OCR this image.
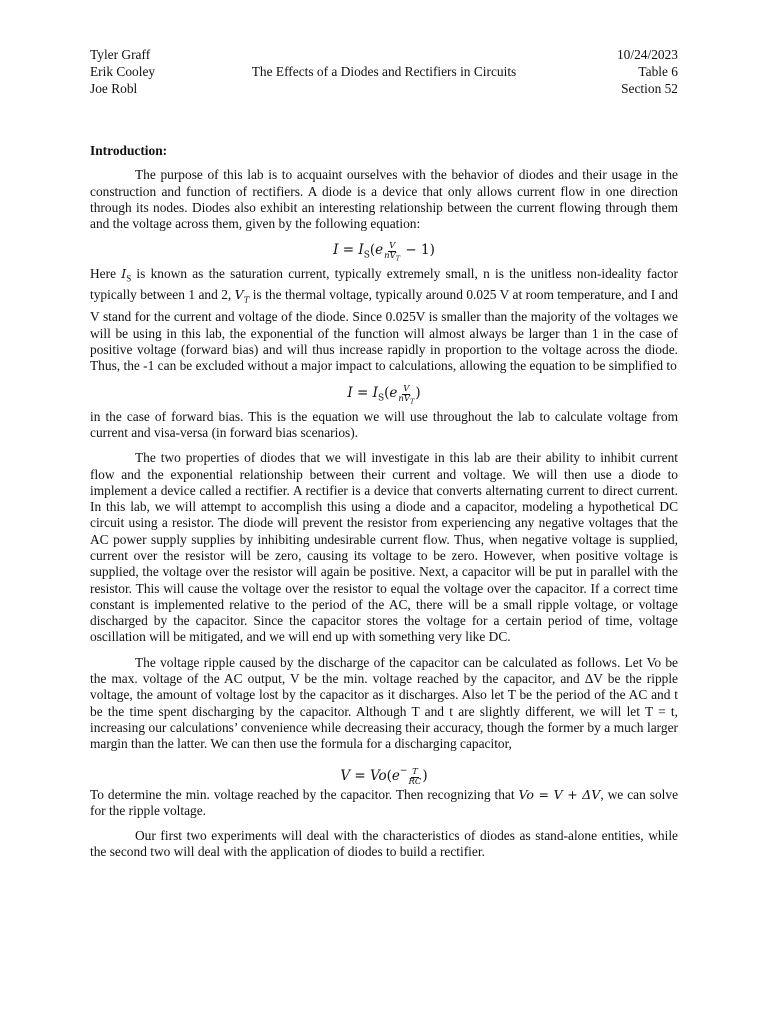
Tyler Graff	10/24/2023
Erik Cooley	The Effects of a Diodes and Rectifiers in Circuits	Table 6
Joe Robl	Section 52
Introduction:

The purpose of this lab is to acquaint ourselves with the behavior of diodes and their usage in the construction and function of rectifiers. A diode is a device that only allows current flow in one direction through its nodes. Diodes also exhibit an interesting relationship between the current flowing through them and the voltage across them, given by the following equation:

$I = I_S(e \frac{V}{nV_T} - 1)$

Here $I_S$ is known as the saturation current, typically extremely small, n is the unitless non-ideality factor typically between 1 and 2, $V_T$ is the thermal voltage, typically around 0.025 V at room temperature, and I and V stand for the current and voltage of the diode. Since 0.025V is smaller than the majority of the voltages we will be using in this lab, the exponential of the function will almost always be larger than 1 in the case of positive voltage (forward bias) and will thus increase rapidly in proportion to the voltage across the diode. Thus, the -1 can be excluded without a major impact to calculations, allowing the equation to be simplified to

$I = I_S(e \frac{V}{nV_T}$ )

in the case of forward bias. This is the equation we will use throughout the lab to calculate voltage from current and visa-versa (in forward bias scenarios).

The two properties of diodes that we will investigate in this lab are their ability to inhibit current flow and the exponential relationship between their current and voltage. We will then use a diode to implement a device called a rectifier. A rectifier is a device that converts alternating current to direct current. In this lab, we will attempt to accomplish this using a diode and a capacitor, modeling a hypothetical DC circuit using a resistor. The diode will prevent the resistor from experiencing any negative voltages that the AC power supply supplies by inhibiting undesirable current flow. Thus, when negative voltage is supplied, current over the resistor will be zero, causing its voltage to be zero. However, when positive voltage is supplied, the voltage over the resistor will again be positive. Next, a capacitor will be put in parallel with the resistor. This will cause the voltage over the resistor to equal the voltage over the capacitor. If a correct time constant is implemented relative to the period of the AC, there will be a small ripple voltage, or voltage discharged by the capacitor. Since the capacitor stores the voltage for a certain period of time, voltage oscillation will be mitigated, and we will end up with something very like DC.

The voltage ripple caused by the discharge of the capacitor can be calculated as follows. Let Vo be the max. voltage of the AC output, V be the min. voltage reached by the capacitor, and ΔV be the ripple voltage, the amount of voltage lost by the capacitor as it discharges. Also let T be the period of the AC and t be the time spent discharging by the capacitor. Although T and t are slightly different, we will let T = t, increasing our calculations’ convenience while decreasing their accuracy, though the former by a much larger margin than the latter. We can then use the formula for a discharging capacitor,

$V = Vo(e^- \frac{T}{RC}$ )

To determine the min. voltage reached by the capacitor. Then recognizing that Vo = V + ΔV, we can solve for the ripple voltage.

Our first two experiments will deal with the characteristics of diodes as stand-alone entities, while the second two will deal with the application of diodes to build a rectifier.
